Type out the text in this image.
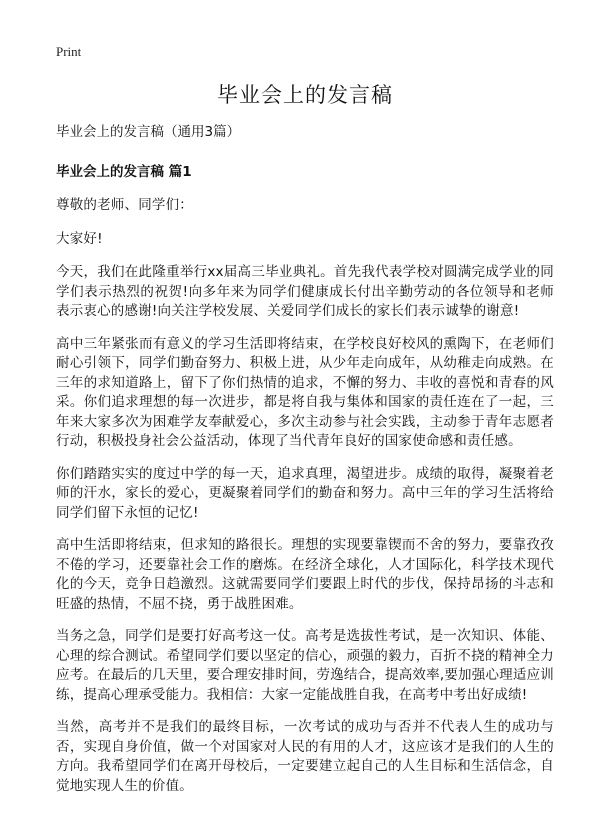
Print
毕业会上的发言稿
毕业会上的发言稿（通用3篇）
毕业会上的发言稿 篇1

尊敬的老师、同学们：

大家好!

今天，我们在此隆重举行xx届高三毕业典礼。首先我代表学校对圆满完成学业的同学们表示热烈的祝贺!向多年来为同学们健康成长付出辛勤劳动的各位领导和老师表示衷心的感谢!向关注学校发展、关爱同学们成长的家长们表示诚挚的谢意!

高中三年紧张而有意义的学习生活即将结束，在学校良好校风的熏陶下，在老师们耐心引领下，同学们勤奋努力、积极上进，从少年走向成年，从幼稚走向成熟。在三年的求知道路上，留下了你们热情的追求，不懈的努力、丰收的喜悦和青春的风采。你们追求理想的每一次进步，都是将自我与集体和国家的责任连在了一起，三年来大家多次为困难学友奉献爱心，多次主动参与社会实践，主动参于青年志愿者行动，积极投身社会公益活动，体现了当代青年良好的国家使命感和责任感。

你们踏踏实实的度过中学的每一天，追求真理，渴望进步。成绩的取得，凝聚着老师的汗水，家长的爱心，更凝聚着同学们的勤奋和努力。高中三年的学习生活将给同学们留下永恒的记忆!

高中生活即将结束，但求知的路很长。理想的实现要靠锲而不舍的努力，要靠孜孜不倦的学习，还要靠社会工作的磨炼。在经济全球化，人才国际化，科学技术现代化的今天，竞争日趋激烈。这就需要同学们要跟上时代的步伐，保持昂扬的斗志和旺盛的热情，不屈不挠，勇于战胜困难。

当务之急，同学们是要打好高考这一仗。高考是选拔性考试，是一次知识、体能、心理的综合测试。希望同学们要以坚定的信心，顽强的毅力，百折不挠的精神全力应考。在最后的几天里，要合理安排时间，劳逸结合，提高效率,要加强心理适应训练，提高心理承受能力。我相信：大家一定能战胜自我，在高考中考出好成绩!

当然，高考并不是我们的最终目标，一次考试的成功与否并不代表人生的成功与否，实现自身价值，做一个对国家对人民的有用的人才，这应该才是我们的人生的方向。我希望同学们在离开母校后，一定要建立起自己的人生目标和生活信念，自觉地实现人生的价值。
